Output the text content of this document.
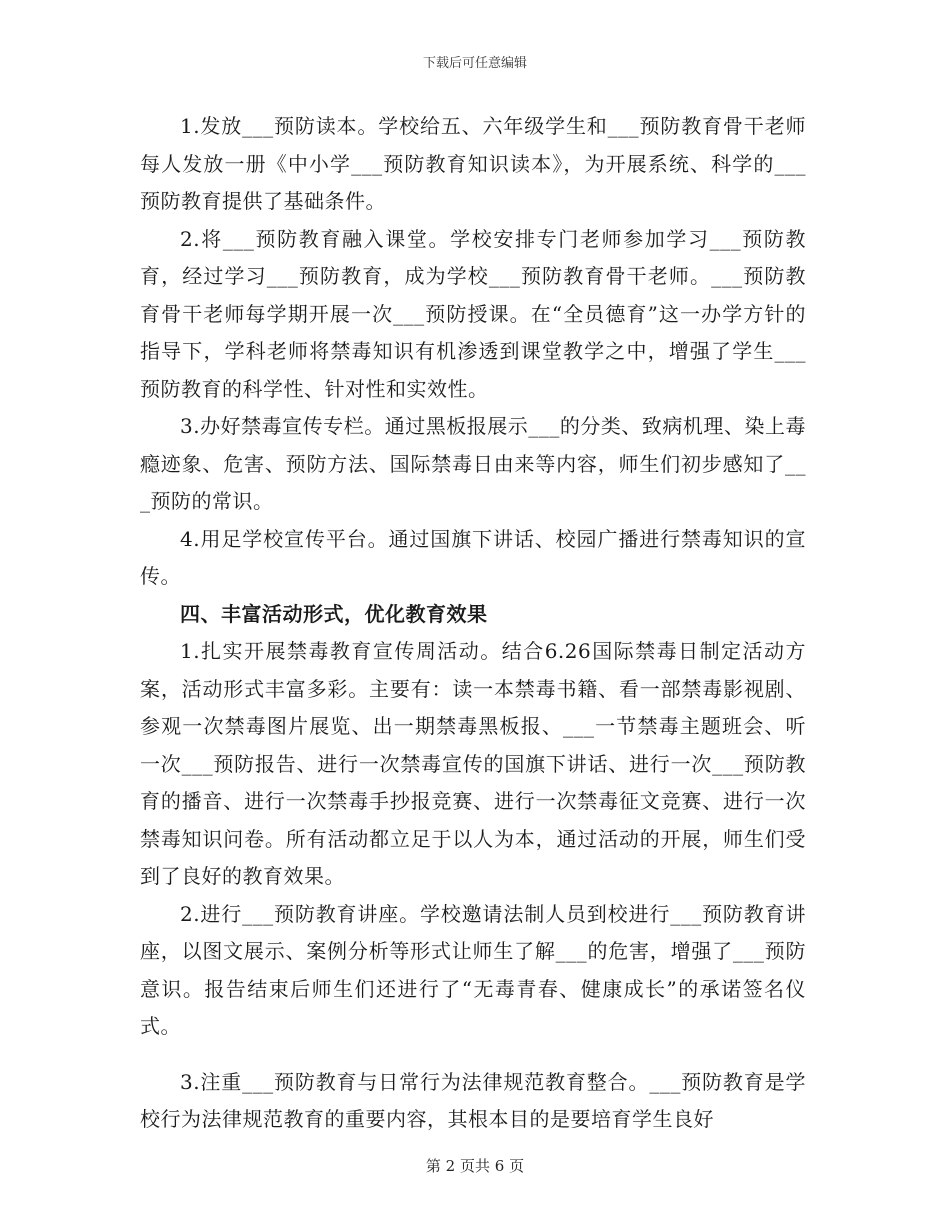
下载后可任意编辑

1.发放___预防读本。学校给五、六年级学生和___预防教育骨干老师每人发放一册《中小学___预防教育知识读本》，为开展系统、科学的___预防教育提供了基础条件。

2.将___预防教育融入课堂。学校安排专门老师参加学习___预防教育，经过学习___预防教育，成为学校___预防教育骨干老师。___预防教育骨干老师每学期开展一次___预防授课。在“全员德育”这一办学方针的指导下，学科老师将禁毒知识有机渗透到课堂教学之中，增强了学生___预防教育的科学性、针对性和实效性。

3.办好禁毒宣传专栏。通过黑板报展示___的分类、致病机理、染上毒瘾迹象、危害、预防方法、国际禁毒日由来等内容，师生们初步感知了___预防的常识。

4.用足学校宣传平台。通过国旗下讲话、校园广播进行禁毒知识的宣传。

四、丰富活动形式，优化教育效果

1.扎实开展禁毒教育宣传周活动。结合6.26国际禁毒日制定活动方案，活动形式丰富多彩。主要有：读一本禁毒书籍、看一部禁毒影视剧、参观一次禁毒图片展览、出一期禁毒黑板报、___一节禁毒主题班会、听一次___预防报告、进行一次禁毒宣传的国旗下讲话、进行一次___预防教育的播音、进行一次禁毒手抄报竞赛、进行一次禁毒征文竞赛、进行一次禁毒知识问卷。所有活动都立足于以人为本，通过活动的开展，师生们受到了良好的教育效果。

2.进行___预防教育讲座。学校邀请法制人员到校进行___预防教育讲座，以图文展示、案例分析等形式让师生了解___的危害，增强了___预防意识。报告结束后师生们还进行了“无毒青春、健康成长”的承诺签名仪式。

3.注重___预防教育与日常行为法律规范教育整合。___预防教育是学校行为法律规范教育的重要内容，其根本目的是要培育学生良好

第 2 页共 6 页
